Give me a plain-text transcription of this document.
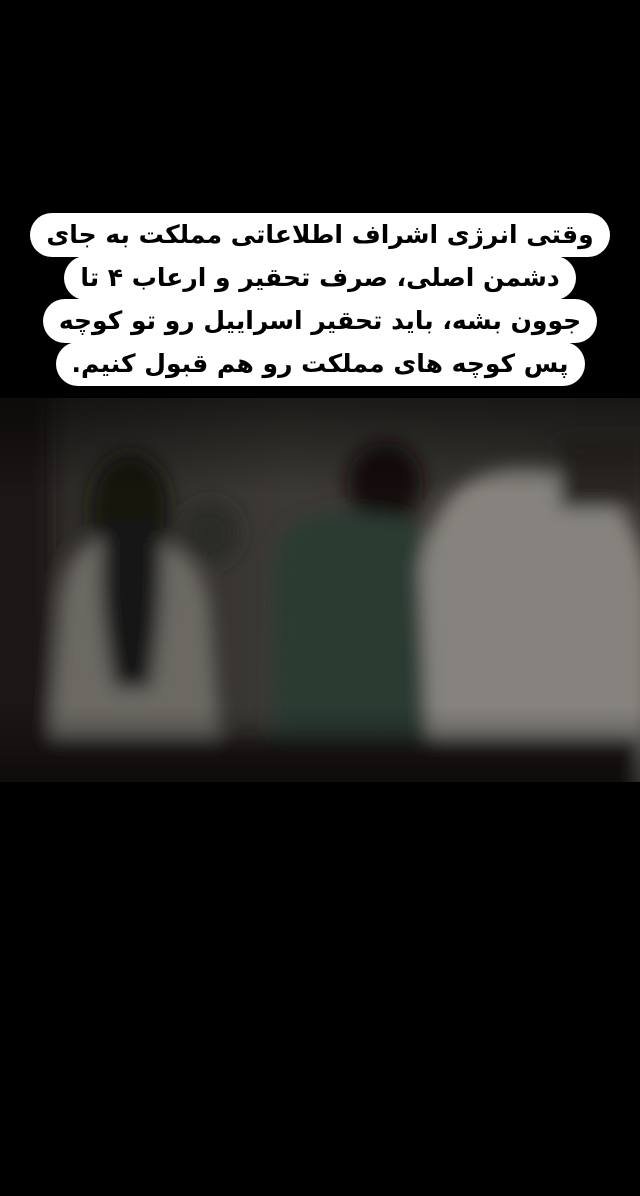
وقتی انرژی اشراف اطلاعاتی مملکت به جای
دشمن اصلی، صرف تحقیر و ارعاب ۴ تا
جوون بشه، باید تحقیر اسراییل رو تو کوچه
پس کوچه های مملکت رو هم قبول کنیم.
